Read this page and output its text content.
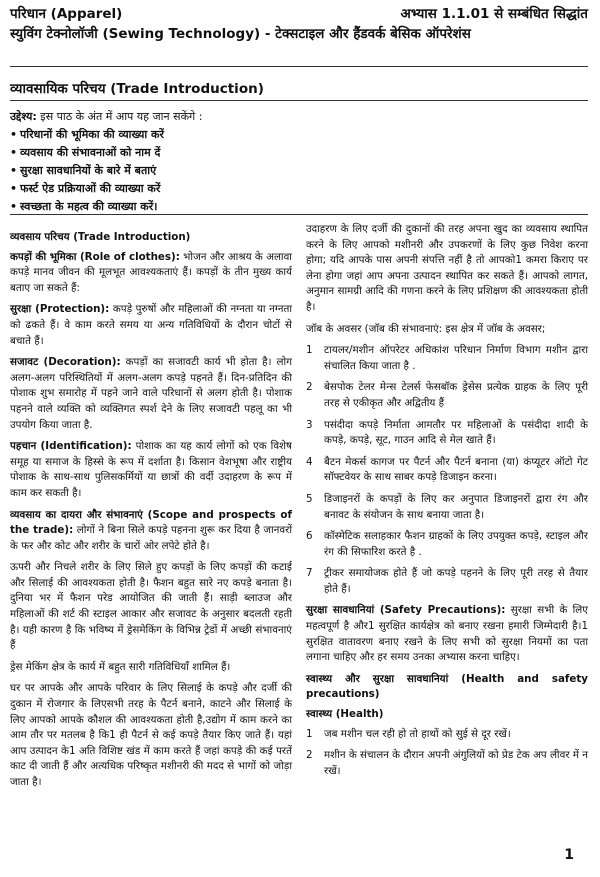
परिधान (Apparel)	अभ्यास 1.1.01 से सम्बंधित सिद्धांत
स्युविंग टेक्नोलॉजी (Sewing Technology) - टेक्सटाइल और हैंडवर्क बेसिक ऑपरेशंस
व्यावसायिक परिचय (Trade Introduction)
उद्देश्य: इस पाठ के अंत में आप यह जान सकेंगे :
• परिधानों की भूमिका की व्याख्या करें
• व्यवसाय की संभावनाओं को नाम दें
• सुरक्षा सावधानियों के बारे में बताएं
• फर्स्ट ऐड प्रक्रियाओं की व्याख्या करें
• स्वच्छता के महत्व की व्याख्या करें।

व्यवसाय परिचय (Trade Introduction)

कपड़ों की भूमिका (Role of clothes): भोजन और आश्रय के अलावा कपड़े मानव जीवन की मूलभूत आवश्यकताएं हैं। कपड़ों के तीन मुख्य कार्य बताए जा सकते हैं:

सुरक्षा (Protection): कपड़े पुरुषों और महिलाओं की नग्नता या नग्नता को ढकते हैं। वे काम करते समय या अन्य गतिविधियों के दौरान चोटों से बचाते हैं।

सजावट (Decoration): कपड़ों का सजावटी कार्य भी होता है। लोग अलग-अलग परिस्थितियों में अलग-अलग कपड़े पहनते हैं। दिन-प्रतिदिन की पोशाक शुभ समारोह में पहने जाने वाले परिधानों से अलग होती है। पोशाक पहनने वाले व्यक्ति को व्यक्तिगत स्पर्श देने के लिए सजावटी पहलू का भी उपयोग किया जाता है.

पहचान (Identification): पोशाक का यह कार्य लोगों को एक विशेष समूह या समाज के हिस्से के रूप में दर्शाता है। किसान वेशभूषा और राष्ट्रीय पोशाक के साथ-साथ पुलिसकर्मियों या छात्रों की वर्दी उदाहरण के रूप में काम कर सकती है।

व्यवसाय का दायरा और संभावनाएं (Scope and prospects of the trade): लोगों ने बिना सिले कपड़े पहनना शुरू कर दिया है जानवरों के फर और कोट और शरीर के चारों ओर लपेटे होते है।

ऊपरी और निचले शरीर के लिए सिले हुए कपड़ों के लिए कपड़ों की कटाई और सिलाई की आवश्यकता होती है। फैशन बहुत सारे नए कपड़े बनाता है। दुनिया भर में फैशन परेड आयोजित की जाती हैं। साड़ी ब्लाउज और महिलाओं की शर्ट की स्टाइल आकार और सजावट के अनुसार बदलती रहती है। यही कारण है कि भविष्य में ड्रेसमेकिंग के विभिन्न ट्रेडों में अच्छी संभावनाएं हैं

ड्रेस मेकिंग क्षेत्र के कार्य में बहुत सारी गतिविधियाँ शामिल हैं।

घर पर आपके और आपके परिवार के लिए सिलाई के कपड़े और दर्जी की दुकान में रोजगार के लिएसभी तरह के पैटर्न बनाने, काटने और सिलाई के लिए आपको आपके कौशल की आवश्यकता होती है,उद्योग में काम करने का आम तौर पर मतलब है कि1 ही पैटर्न से कई कपड़े तैयार किए जाते हैं। यहां आप उत्पादन के1 अति विशिष्ट खंड में काम करते हैं जहां कपड़े की कई परतें काट दी जाती हैं और अत्यधिक परिष्कृत मशीनरी की मदद से भागों को जोड़ा जाता है।

उदाहरण के लिए दर्जी की दुकानों की तरह अपना खुद का व्यवसाय स्थापित करने के लिए आपको मशीनरी और उपकरणों के लिए कुछ निवेश करना होगा; यदि आपके पास अपनी संपत्ति नहीं है तो आपको1 कमरा किराए पर लेना होगा जहां आप अपना उत्पादन स्थापित कर सकते हैं। आपको लागत, अनुमान सामग्री आदि की गणना करने के लिए प्रशिक्षण की आवश्यकता होती है।

जॉब के अवसर (जॉब की संभावनाएं: इस क्षेत्र में जॉब के अवसर;

1 टायलर/मशीन ऑपरेटर अधिकांश परिधान निर्माण विभाग मशीन द्वारा संचालित किया जाता है .
2 बेसपोक टेलर मेन्स टेलर्स फेसबॉक ड्रेसेस प्रत्येक ग्राहक के लिए पूरी तरह से एकीकृत और अद्वितीय हैं
3 पसंदीदा कपड़े निर्माता आमतौर पर महिलाओं के पसंदीदा शादी के कपड़े, कपड़े, सूट, गाउन आदि से मेल खाते हैं।
4 बैटन मेकर्स कागज पर पैटर्न और पैटर्न बनाना (या) कंप्यूटर ऑटो गेट सॉफ्टवेयर के साथ साबर कपड़े डिजाइन करना।
5 डिजाइनरों के कपड़ों के लिए कर अनुपात डिजाइनरों द्वारा रंग और बनावट के संयोजन के साथ बनाया जाता है।
6 कॉस्मेटिक सलाहकार फैशन ग्राहकों के लिए उपयुक्त कपड़े, स्टाइल और रंग की सिफारिश करते है .
7 ट्रीकर समायोजक होते हैं जो कपड़े पहनने के लिए पूरी तरह से तैयार होते हैं।

सुरक्षा सावधानियां (Safety Precautions): सुरक्षा सभी के लिए महत्वपूर्ण है और1 सुरक्षित कार्यक्षेत्र को बनाए रखना हमारी जिम्मेदारी है।1 सुरक्षित वातावरण बनाए रखने के लिए सभी को सुरक्षा नियमों का पता लगाना चाहिए और हर समय उनका अभ्यास करना चाहिए।

स्वास्थ्य और सुरक्षा सावधानियां (Health and safety precautions)

स्वास्थ्य (Health)

1 जब मशीन चल रही हो तो हाथों को सुई से दूर रखें।
2 मशीन के संचालन के दौरान अपनी अंगुलियों को प्रेड टेक अप लीवर में न रखें।
1
